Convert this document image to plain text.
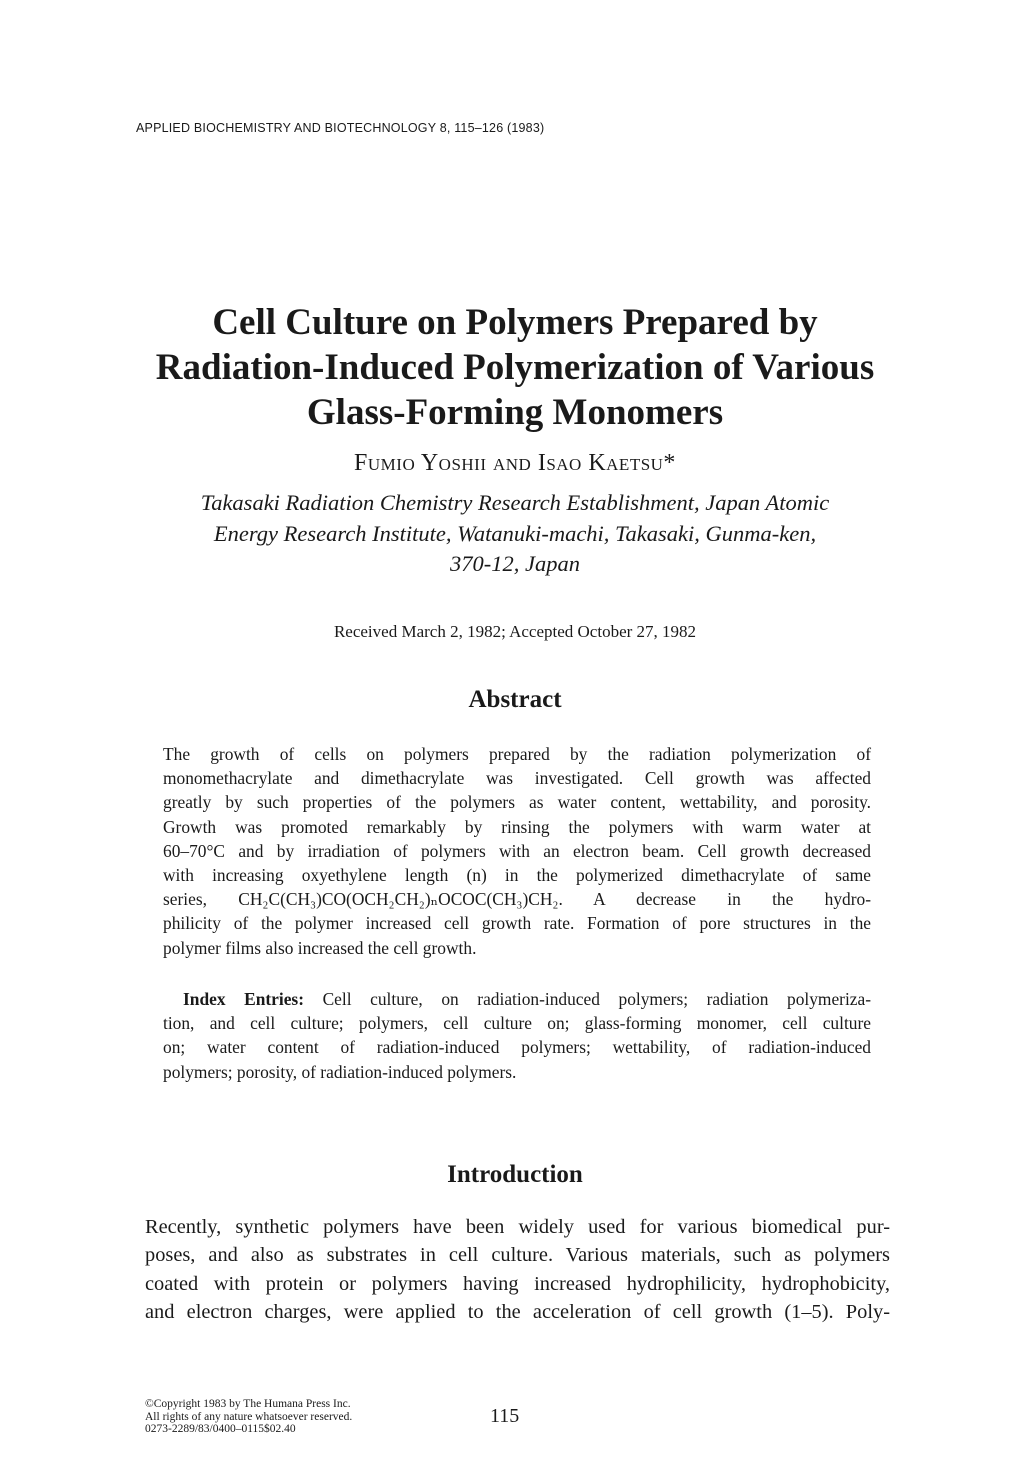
APPLIED BIOCHEMISTRY AND BIOTECHNOLOGY 8, 115–126 (1983)
Cell Culture on Polymers Prepared by
Radiation-Induced Polymerization of Various
Glass-Forming Monomers
Fumio Yoshii and Isao Kaetsu*
Takasaki Radiation Chemistry Research Establishment, Japan Atomic
Energy Research Institute, Watanuki-machi, Takasaki, Gunma-ken,
370-12, Japan
Received March 2, 1982; Accepted October 27, 1982
Abstract
The growth of cells on polymers prepared by the radiation polymerization of
monomethacrylate and dimethacrylate was investigated. Cell growth was affected
greatly by such properties of the polymers as water content, wettability, and porosity.
Growth was promoted remarkably by rinsing the polymers with warm water at
60–70°C and by irradiation of polymers with an electron beam. Cell growth decreased
with increasing oxyethylene length (n) in the polymerized dimethacrylate of same
series, CH₂C(CH₃)CO(OCH₂CH₂)ₙOCOC(CH₃)CH₂. A decrease in the hydro-
philicity of the polymer increased cell growth rate. Formation of pore structures in the
polymer films also increased the cell growth.
Index Entries: Cell culture, on radiation-induced polymers; radiation polymeriza-
tion, and cell culture; polymers, cell culture on; glass-forming monomer, cell culture
on; water content of radiation-induced polymers; wettability, of radiation-induced
polymers; porosity, of radiation-induced polymers.
Introduction
Recently, synthetic polymers have been widely used for various biomedical pur-
poses, and also as substrates in cell culture. Various materials, such as polymers
coated with protein or polymers having increased hydrophilicity, hydrophobicity,
and electron charges, were applied to the acceleration of cell growth (1–5). Poly-
©Copyright 1983 by The Humana Press Inc.
All rights of any nature whatsoever reserved.
0273-2289/83/0400–0115$02.40
115
